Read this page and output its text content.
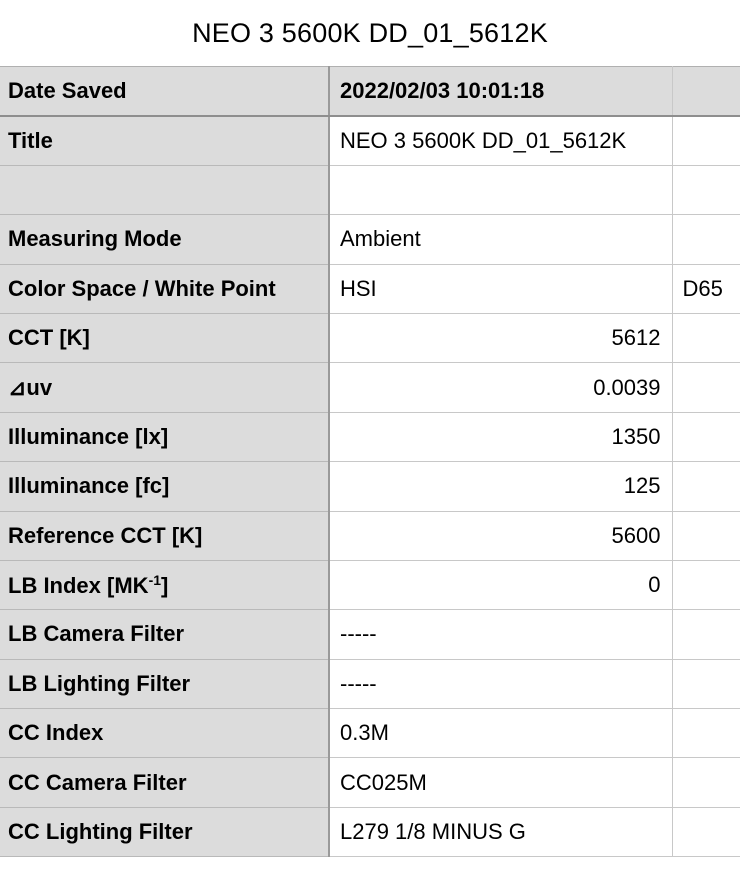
NEO 3 5600K DD_01_5612K
Date Saved	2022/02/03 10:01:18	
Title	NEO 3 5600K DD_01_5612K	

Measuring Mode	Ambient	
Color Space / White Point	HSI	D65
CCT [K]	5612	
⊿uv	0.0039	
Illuminance [lx]	1350	
Illuminance [fc]	125	
Reference CCT [K]	5600	
LB Index $[MK^{-1}]$	0	
LB Camera Filter	-----	
LB Lighting Filter	-----	
CC Index	0.3M	
CC Camera Filter	CC025M	
CC Lighting Filter	L279 1/8 MINUS G	
